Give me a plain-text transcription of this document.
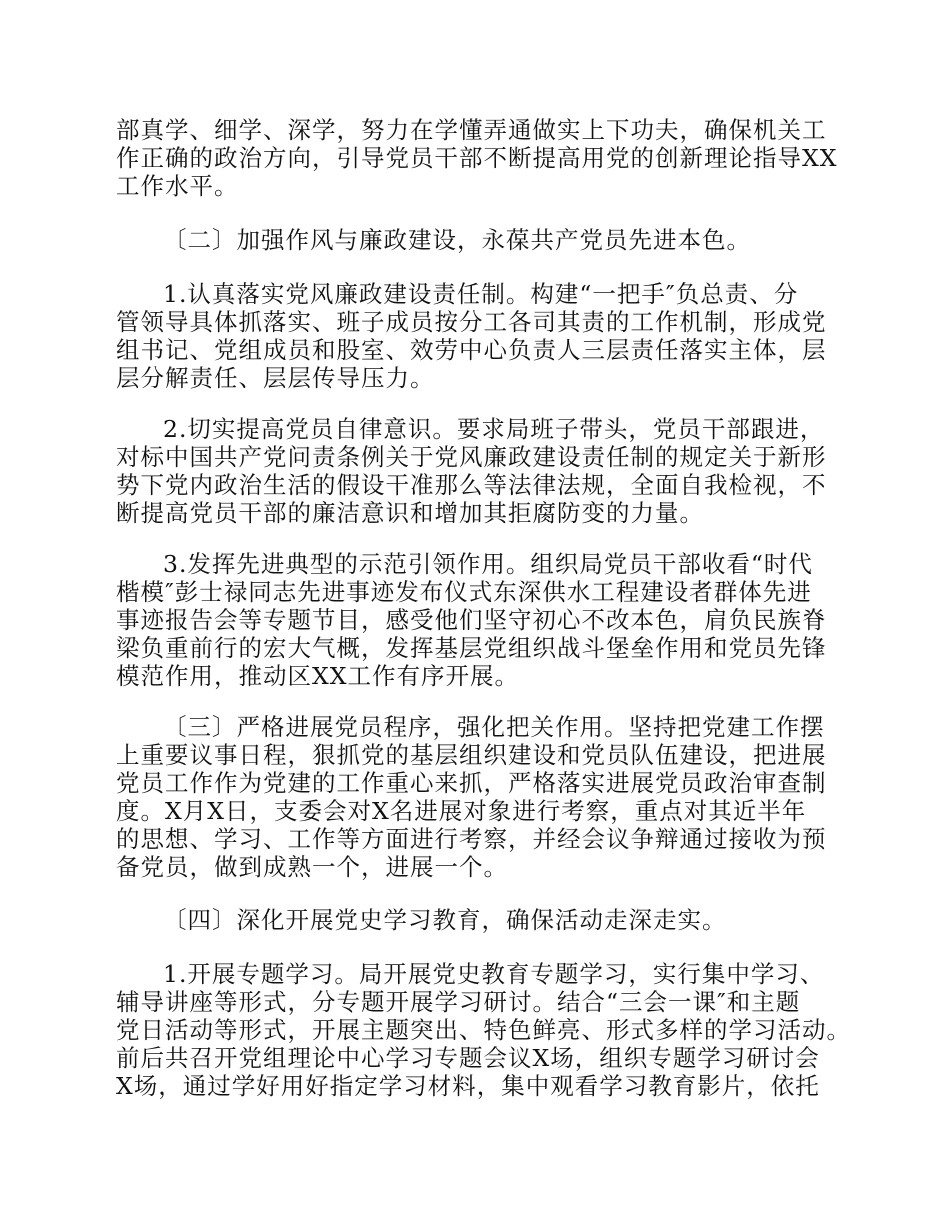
部真学、细学、深学，努力在学懂弄通做实上下功夫，确保机关工
作正确的政治方向，引导党员干部不断提高用党的创新理论指导XX
工作水平。
〔二〕加强作风与廉政建设，永葆共产党员先进本色。
1.认真落实党风廉政建设责任制。构建“一把手″负总责、分
管领导具体抓落实、班子成员按分工各司其责的工作机制，形成党
组书记、党组成员和股室、效劳中心负责人三层责任落实主体，层
层分解责任、层层传导压力。
2.切实提高党员自律意识。要求局班子带头，党员干部跟进，
对标中国共产党问责条例关于党风廉政建设责任制的规定关于新形
势下党内政治生活的假设干准那么等法律法规，全面自我检视，不
断提高党员干部的廉洁意识和增加其拒腐防变的力量。
3.发挥先进典型的示范引领作用。组织局党员干部收看“时代
楷模″彭士禄同志先进事迹发布仪式东深供水工程建设者群体先进
事迹报告会等专题节目，感受他们坚守初心不改本色，肩负民族脊
梁负重前行的宏大气概，发挥基层党组织战斗堡垒作用和党员先锋
模范作用，推动区XX工作有序开展。
〔三〕严格进展党员程序，强化把关作用。坚持把党建工作摆
上重要议事日程，狠抓党的基层组织建设和党员队伍建设，把进展
党员工作作为党建的工作重心来抓，严格落实进展党员政治审查制
度。X月X日，支委会对X名进展对象进行考察，重点对其近半年
的思想、学习、工作等方面进行考察，并经会议争辩通过接收为预
备党员，做到成熟一个，进展一个。
〔四〕深化开展党史学习教育，确保活动走深走实。
1.开展专题学习。局开展党史教育专题学习，实行集中学习、
辅导讲座等形式，分专题开展学习研讨。结合“三会一课″和主题
党日活动等形式，开展主题突出、特色鲜亮、形式多样的学习活动。
前后共召开党组理论中心学习专题会议X场，组织专题学习研讨会
X场，通过学好用好指定学习材料，集中观看学习教育影片，依托
